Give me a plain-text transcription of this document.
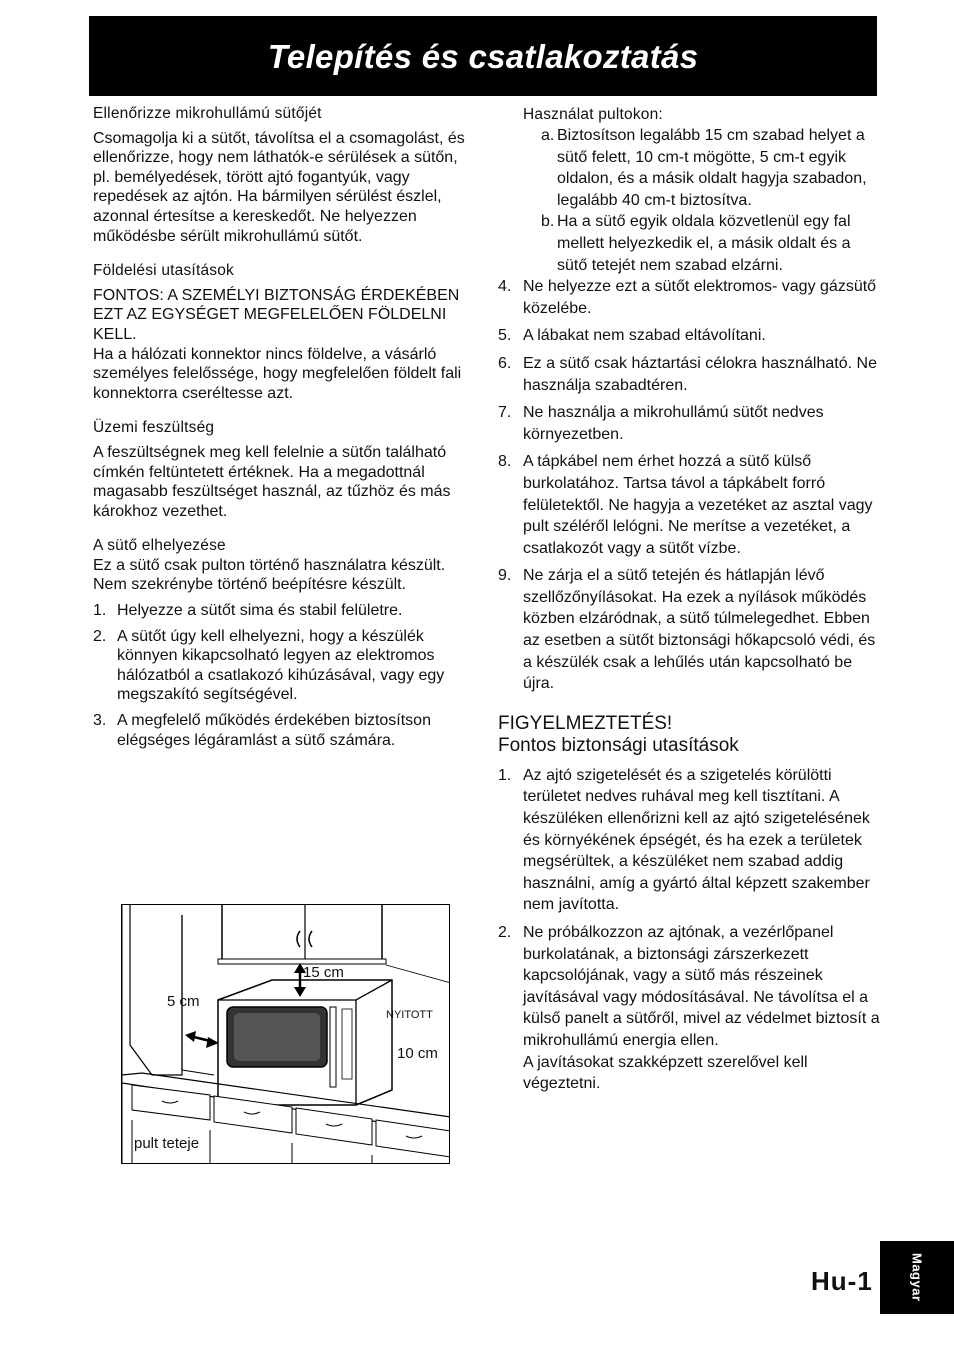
Telepítés és csatlakoztatás
Ellenőrizze mikrohullámú sütőjét

Csomagolja ki a sütőt, távolítsa el a csomagolást, és ellenőrizze, hogy nem láthatók-e sérülések a sütőn, pl. bemélyedések, törött ajtó fogantyúk, vagy repedések az ajtón. Ha bármilyen sérülést észlel, azonnal értesítse a kereskedőt. Ne helyezzen működésbe sérült mikrohullámú sütőt.

Földelési utasítások

FONTOS: A SZEMÉLYI BIZTONSÁG ÉRDEKÉBEN EZT AZ EGYSÉGET MEGFELELŐEN FÖLDELNI KELL.

Ha a hálózati konnektor nincs földelve, a vásárló személyes felelőssége, hogy megfelelően földelt fali konnektorra cseréltesse azt.

Üzemi feszültség

A feszültségnek meg kell felelnie a sütőn található címkén feltüntetett értéknek. Ha a megadottnál magasabb feszültséget használ, az tűzhöz és más károkhoz vezethet.

A sütő elhelyezése

Ez a sütő csak pulton történő használatra készült. Nem szekrénybe történő beépítésre készült.

1. Helyezze a sütőt sima és stabil felületre.
2. A sütőt úgy kell elhelyezni, hogy a készülék könnyen kikapcsolható legyen az elektromos hálózatból a csatlakozó kihúzásával, vagy egy megszakító segítségével.
3. A megfelelő működés érdekében biztosítson elégséges légáramlást a sütő számára.
15 cm
5 cm
NYITOTT
10 cm
pult teteje
Használat pultokon:
a. Biztosítson legalább 15 cm szabad helyet a sütő felett, 10 cm-t mögötte, 5 cm-t egyik oldalon, és a másik oldalt hagyja szabadon, legalább 40 cm-t biztosítva.
b. Ha a sütő egyik oldala közvetlenül egy fal mellett helyezkedik el, a másik oldalt és a sütő tetejét nem szabad elzárni.
4. Ne helyezze ezt a sütőt elektromos- vagy gázsütő közelébe.
5. A lábakat nem szabad eltávolítani.
6. Ez a sütő csak háztartási célokra használható. Ne használja szabadtéren.
7. Ne használja a mikrohullámú sütőt nedves környezetben.
8. A tápkábel nem érhet hozzá a sütő külső burkolatához. Tartsa távol a tápkábelt forró felületektől. Ne hagyja a vezetéket az asztal vagy pult széléről lelógni. Ne merítse a vezetéket, a csatlakozót vagy a sütőt vízbe.
9. Ne zárja el a sütő tetején és hátlapján lévő szellőzőnyílásokat. Ha ezek a nyílások működés közben elzáródnak, a sütő túlmelegedhet. Ebben az esetben a sütőt biztonsági hőkapcsoló védi, és a készülék csak a lehűlés után kapcsolható be újra.
FIGYELMEZTETÉS!
Fontos biztonsági utasítások
1. Az ajtó szigetelését és a szigetelés körülötti területet nedves ruhával meg kell tisztítani. A készüléken ellenőrizni kell az ajtó szigetelésének és környékének épségét, és ha ezek a területek megsérültek, a készüléket nem szabad addig használni, amíg a gyártó által képzett szakember nem javította.
2. Ne próbálkozzon az ajtónak, a vezérlőpanel burkolatának, a biztonsági zárszerkezett kapcsolójának, vagy a sütő más részeinek javításával vagy módosításával. Ne távolítsa el a külső panelt a sütőről, mivel az védelmet biztosít a mikrohullámú energia ellen.
A javításokat szakképzett szerelővel kell végeztetni.
Hu-1	Magyar
